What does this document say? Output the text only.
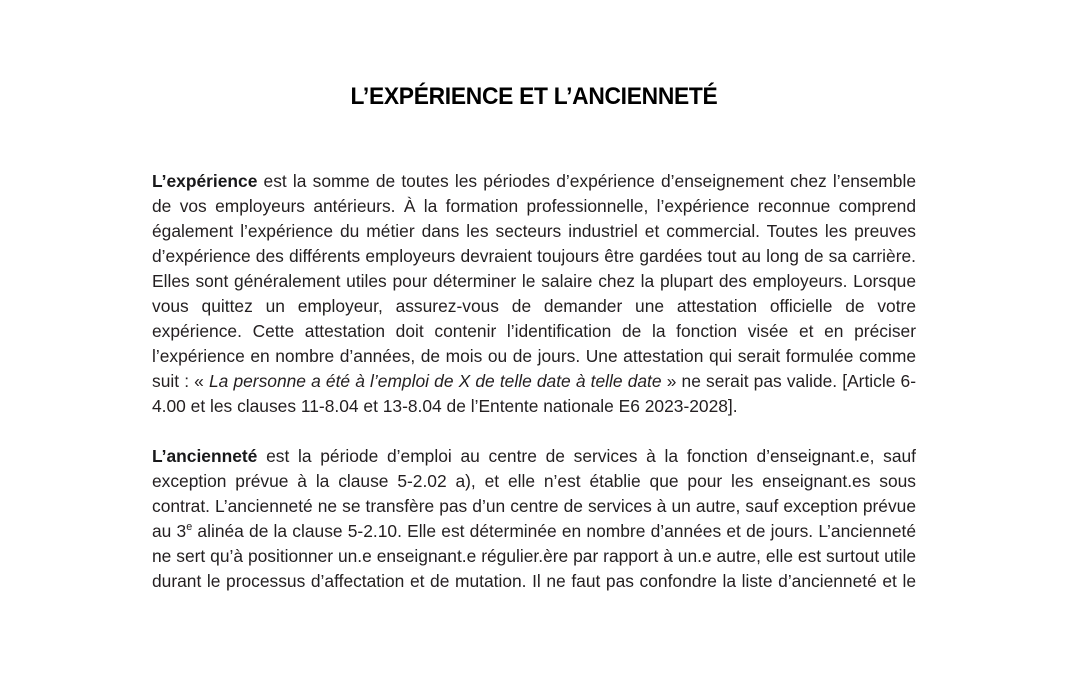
L’EXPÉRIENCE ET L’ANCIENNETÉ

L’expérience est la somme de toutes les périodes d’expérience d’enseignement chez l’ensemble de vos employeurs antérieurs. À la formation professionnelle, l’expérience reconnue comprend également l’expérience du métier dans les secteurs industriel et commercial. Toutes les preuves d’expérience des différents employeurs devraient toujours être gardées tout au long de sa carrière. Elles sont généralement utiles pour déterminer le salaire chez la plupart des employeurs. Lorsque vous quittez un employeur, assurez-vous de demander une attestation officielle de votre expérience. Cette attestation doit contenir l’identification de la fonction visée et en préciser l’expérience en nombre d’années, de mois ou de jours. Une attestation qui serait formulée comme suit : « La personne a été à l’emploi de X de telle date à telle date » ne serait pas valide. [Article 6-4.00 et les clauses 11-8.04 et 13-8.04 de l’Entente nationale E6 2023-2028].

L’ancienneté est la période d’emploi au centre de services à la fonction d’enseignant.e, sauf exception prévue à la clause 5-2.02 a), et elle n’est établie que pour les enseignant.es sous contrat. L’ancienneté ne se transfère pas d’un centre de services à un autre, sauf exception prévue au 3e alinéa de la clause 5-2.10. Elle est déterminée en nombre d’années et de jours. L’ancienneté ne sert qu’à positionner un.e enseignant.e régulier.ère par rapport à un.e autre, elle est surtout utile durant le processus d’affectation et de mutation. Il ne faut pas confondre la liste d’ancienneté et le
